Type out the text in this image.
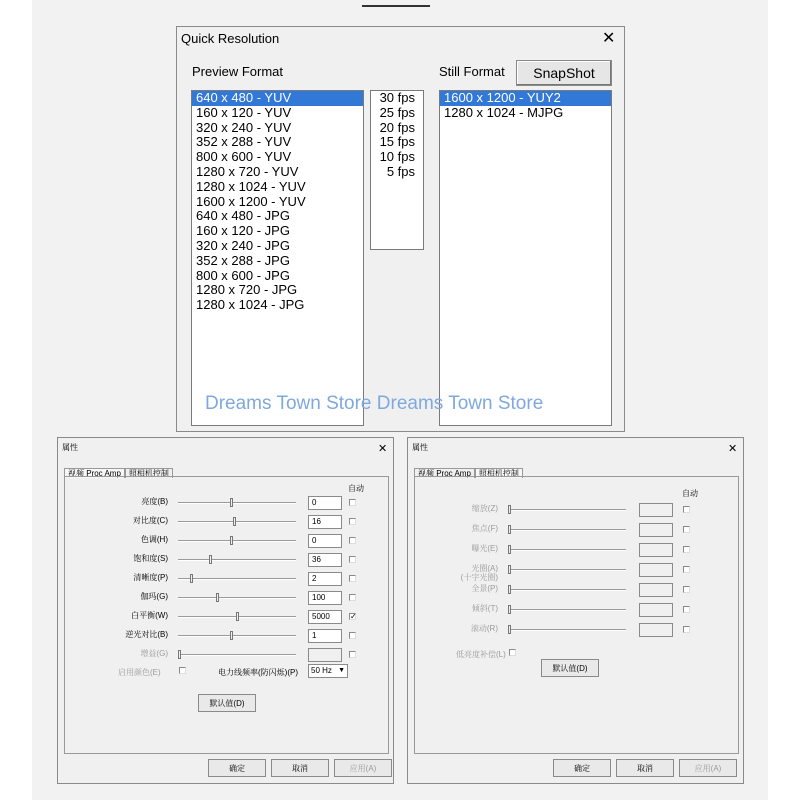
Quick Resolution	✕
Preview Format	Still Format	SnapShot
640 x 480 - YUV
160 x 120 - YUV
320 x 240 - YUV
352 x 288 - YUV
800 x 600 - YUV
1280 x 720 - YUV
1280 x 1024 - YUV
1600 x 1200 - YUV
640 x 480 - JPG
160 x 120 - JPG
320 x 240 - JPG
352 x 288 - JPG
800 x 600 - JPG
1280 x 720 - JPG
1280 x 1024 - JPG
30 fps
25 fps
20 fps
15 fps
10 fps
5 fps
1600 x 1200 - YUY2
1280 x 1024 - MJPG
Dreams Town Store Dreams Town Store
属性	✕
视频 Proc Amp 照相机控制
自动
启用颜色(E)	电力线频率(防闪烁)(P)	50 Hz ▼
默认值(D)
确定	取消	应用(A)
亮度(B)	0
对比度(C)	16
色调(H)	0
饱和度(S)	36
清晰度(P)	2
伽玛(G)	100
白平衡(W)	5000	✓
逆光对比(B)	1
增益(G)
属性	✕
视频 Proc Amp 照相机控制
自动
低亮度补偿(L)
默认值(D)
确定	取消	应用(A)
缩放(Z)
焦点(F)
曝光(E)
光圈(A)
(十字光圈)
全景(P)
倾斜(T)
滚动(R)
